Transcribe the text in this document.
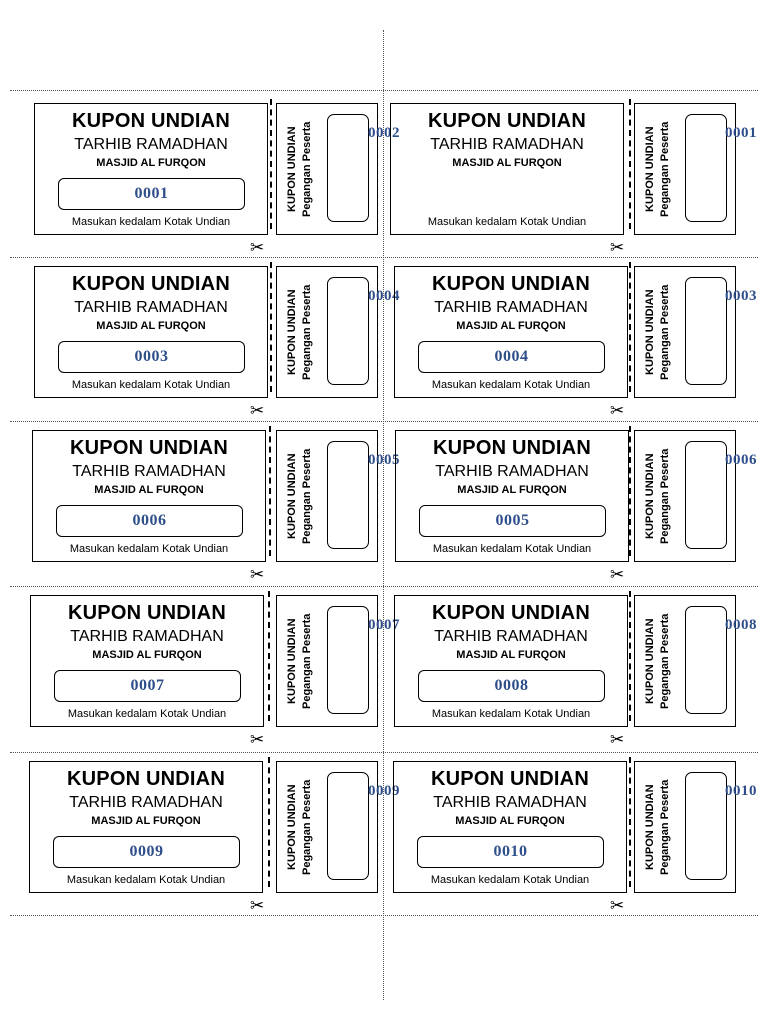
KUPON UNDIAN
TARHIB RAMADHAN
MASJID AL FURQON
0001
Masukan kedalam Kotak Undian
KUPON UNDIAN Pegangan Peserta	0002
✂
KUPON UNDIAN
TARHIB RAMADHAN
MASJID AL FURQON
Masukan kedalam Kotak Undian
KUPON UNDIAN Pegangan Peserta	0001
✂
KUPON UNDIAN
TARHIB RAMADHAN
MASJID AL FURQON
0003
Masukan kedalam Kotak Undian
KUPON UNDIAN Pegangan Peserta	0004
✂
KUPON UNDIAN
TARHIB RAMADHAN
MASJID AL FURQON
0004
Masukan kedalam Kotak Undian
KUPON UNDIAN Pegangan Peserta	0003
✂
KUPON UNDIAN
TARHIB RAMADHAN
MASJID AL FURQON
0006
Masukan kedalam Kotak Undian
KUPON UNDIAN Pegangan Peserta	0005
✂
KUPON UNDIAN
TARHIB RAMADHAN
MASJID AL FURQON
0005
Masukan kedalam Kotak Undian
KUPON UNDIAN Pegangan Peserta	0006
✂
KUPON UNDIAN
TARHIB RAMADHAN
MASJID AL FURQON
0007
Masukan kedalam Kotak Undian
KUPON UNDIAN Pegangan Peserta	0007
✂
KUPON UNDIAN
TARHIB RAMADHAN
MASJID AL FURQON
0008
Masukan kedalam Kotak Undian
KUPON UNDIAN Pegangan Peserta	0008
✂
KUPON UNDIAN
TARHIB RAMADHAN
MASJID AL FURQON
0009
Masukan kedalam Kotak Undian
KUPON UNDIAN Pegangan Peserta	0009
✂
KUPON UNDIAN
TARHIB RAMADHAN
MASJID AL FURQON
0010
Masukan kedalam Kotak Undian
KUPON UNDIAN Pegangan Peserta	0010
✂
